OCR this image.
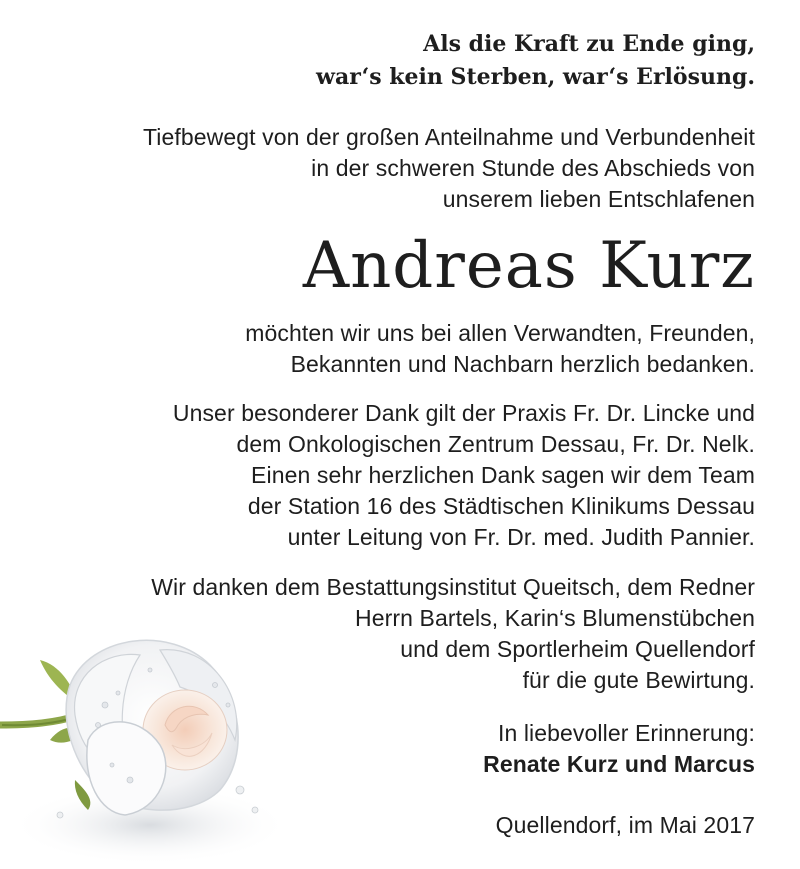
Als die Kraft zu Ende ging,
war‘s kein Sterben, war‘s Erlösung.
Tiefbewegt von der großen Anteilnahme und Verbundenheit
in der schweren Stunde des Abschieds von
unserem lieben Entschlafenen
Andreas Kurz
möchten wir uns bei allen Verwandten, Freunden,
Bekannten und Nachbarn herzlich bedanken.
Unser besonderer Dank gilt der Praxis Fr. Dr. Lincke und
dem Onkologischen Zentrum Dessau, Fr. Dr. Nelk.
Einen sehr herzlichen Dank sagen wir dem Team
der Station 16 des Städtischen Klinikums Dessau
unter Leitung von Fr. Dr. med. Judith Pannier.
Wir danken dem Bestattungsinstitut Queitsch, dem Redner
Herrn Bartels, Karin‘s Blumenstübchen
und dem Sportlerheim Quellendorf
für die gute Bewirtung.
In liebevoller Erinnerung:
Renate Kurz und Marcus
Quellendorf, im Mai 2017
